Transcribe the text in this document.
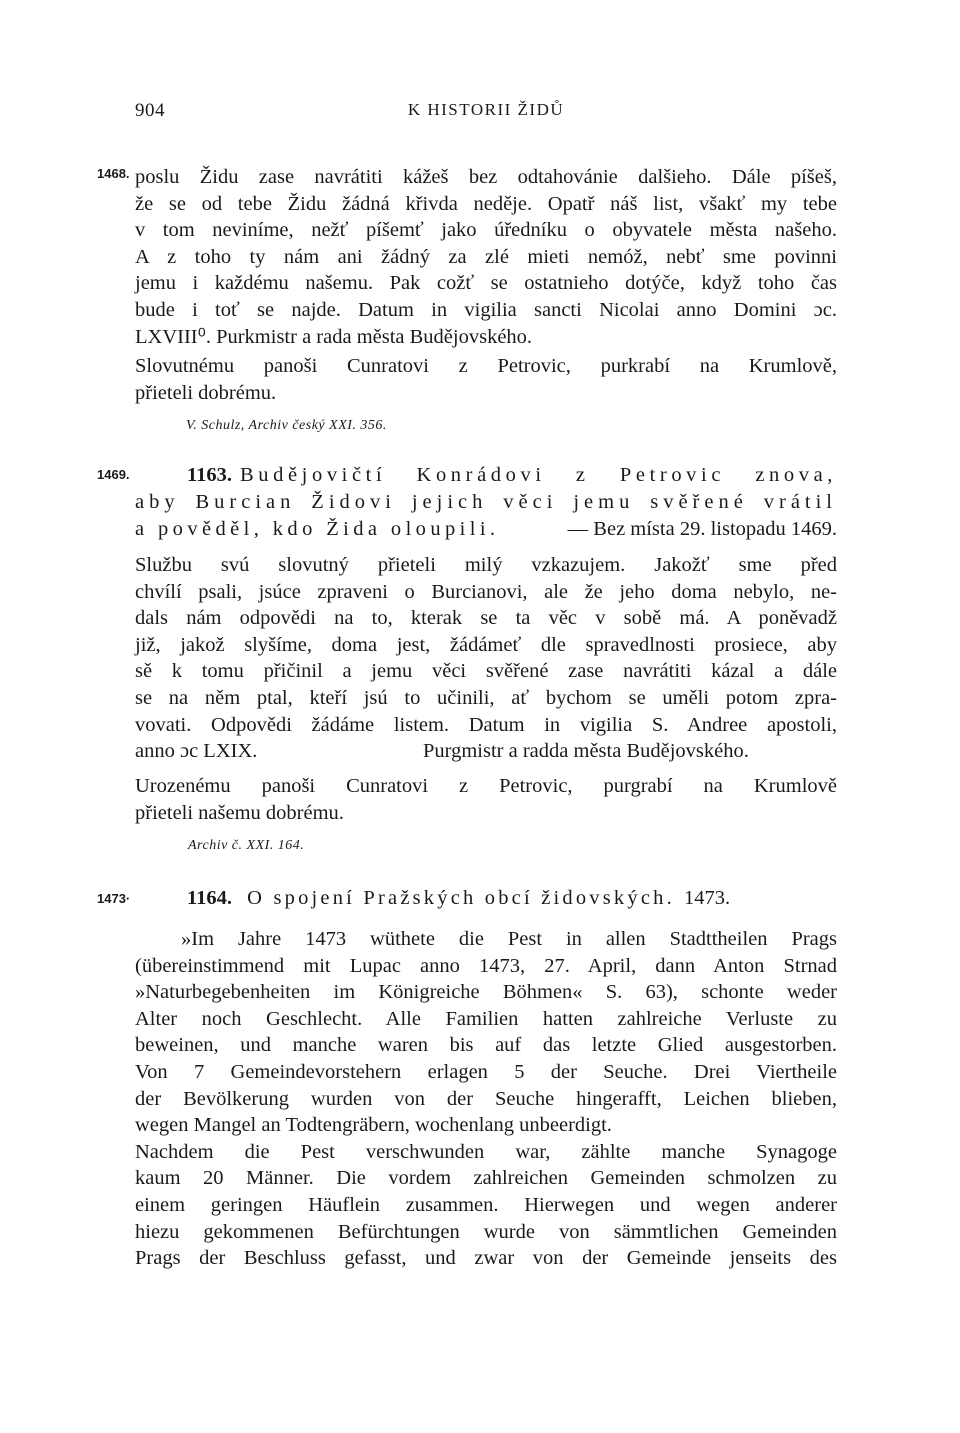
904	K HISTORII ŽIDŮ
1468. poslu Židu zase navrátiti kážeš bez odtahovánie dalšieho. Dále píšeš,
že se od tebe Židu žádná křivda neděje. Opatř náš list, všakť my tebe
v tom neviníme, nežť píšemť jako úředníku o obyvatele města našeho.
A z toho ty nám ani žádný za zlé mieti nemóž, nebť sme povinni
jemu i každému našemu. Pak cožť se ostatnieho dotýče, když toho čas
bude i toť se najde. Datum in vigilia sancti Nicolai anno Domini ɔc.
LXVIII⁰. Purkmistr a rada města Budějovského.
Slovutnému panoši Cunratovi z Petrovic, purkrabí na Krumlově,
přieteli dobrému.
V. Schulz, Archiv český XXI. 356.
1469.	1163. Budějovičtí Konrádovi z Petrovic znova,
aby Burcian Židovi jejich věci jemu svěřené vrátil
a pověděl, kdo Žida oloupili.	— Bez místa 29. listopadu 1469.
Službu svú slovutný přieteli milý vzkazujem. Jakožť sme před
chvílí psali, jsúce zpraveni o Burcianovi, ale že jeho doma nebylo, ne-
dals nám odpovědi na to, kterak se ta věc v sobě má. A poněvadž
již, jakož slyšíme, doma jest, žádámeť dle spravedlnosti prosiece, aby
sě k tomu přičinil a jemu věci svěřené zase navrátiti kázal a dále
se na něm ptal, kteří jsú to učinili, ať bychom se uměli potom zpra-
vovati. Odpovědi žádáme listem. Datum in vigilia S. Andree apostoli,
anno ɔc LXIX.	Purgmistr a radda města Budějovského.
Urozenému panoši Cunratovi z Petrovic, purgrabí na Krumlově
přieteli našemu dobrému.
Archiv č. XXI. 164.
1473·	1164. O spojení Pražských obcí židovských. 1473.
»Im Jahre 1473 wüthete die Pest in allen Stadttheilen Prags
(übereinstimmend mit Lupac anno 1473, 27. April, dann Anton Strnad
»Naturbegebenheiten im Königreiche Böhmen« S. 63), schonte weder
Alter noch Geschlecht. Alle Familien hatten zahlreiche Verluste zu
beweinen, und manche waren bis auf das letzte Glied ausgestorben.
Von 7 Gemeindevorstehern erlagen 5 der Seuche. Drei Viertheile
der Bevölkerung wurden von der Seuche hingerafft, Leichen blieben,
wegen Mangel an Todtengräbern, wochenlang unbeerdigt.
Nachdem die Pest verschwunden war, zählte manche Synagoge
kaum 20 Männer. Die vordem zahlreichen Gemeinden schmolzen zu
einem geringen Häuflein zusammen. Hierwegen und wegen anderer
hiezu gekommenen Befürchtungen wurde von sämmtlichen Gemeinden
Prags der Beschluss gefasst, und zwar von der Gemeinde jenseits des
